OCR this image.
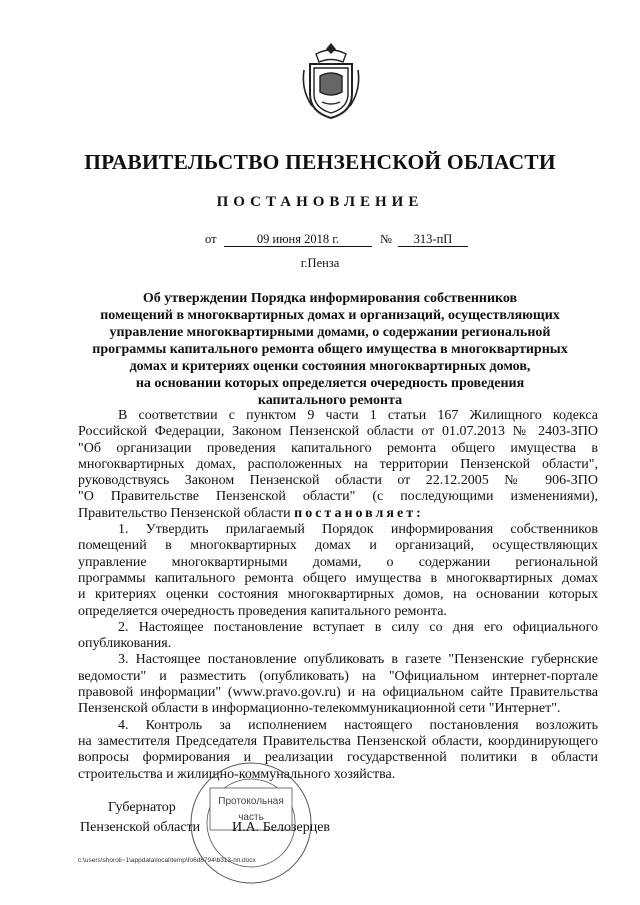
ПРАВИТЕЛЬСТВО ПЕНЗЕНСКОЙ ОБЛАСТИ
ПОСТАНОВЛЕНИЕ
от	09 июня 2018 г.	№	313-пП
г.Пенза
Об утверждении Порядка информирования собственников
помещений в многоквартирных домах и организаций, осуществляющих
управление многоквартирными домами, о содержании региональной
программы капитального ремонта общего имущества в многоквартирных
домах и критериях оценки состояния многоквартирных домов,
на основании которых определяется очередность проведения
капитального ремонта
В соответствии с пунктом 9 части 1 статьи 167 Жилищного кодекса
Российской Федерации, Законом Пензенской области от 01.07.2013 № 2403-ЗПО
"Об организации проведения капитального ремонта общего имущества в
многоквартирных домах, расположенных на территории Пензенской области",
руководствуясь Законом Пензенской области от 22.12.2005 № 906-ЗПО
"О Правительстве Пензенской области" (с последующими изменениями),
Правительство Пензенской области постановляет:
1. Утвердить прилагаемый Порядок информирования собственников
помещений в многоквартирных домах и организаций, осуществляющих
управление многоквартирными домами, о содержании региональной
программы капитального ремонта общего имущества в многоквартирных домах
и критериях оценки состояния многоквартирных домов, на основании которых
определяется очередность проведения капитального ремонта.
2. Настоящее постановление вступает в силу со дня его официального
опубликования.
3. Настоящее постановление опубликовать в газете "Пензенские губернские
ведомости" и разместить (опубликовать) на "Официальном интернет-портале
правовой информации" (www.pravo.gov.ru) и на официальном сайте Правительства
Пензенской области в информационно-телекоммуникационной сети "Интернет".
4. Контроль за исполнением настоящего постановления возложить
на заместителя Председателя Правительства Пензенской области, координирующего
вопросы формирования и реализации государственной политики в области
строительства и жилищно-коммунального хозяйства.
Протокольная
часть
Губернатор
Пензенской области И.А. Белозерцев
c:\users\shoroli~1\appdata\local\temp\fo6d8794\b313-пп.docx
